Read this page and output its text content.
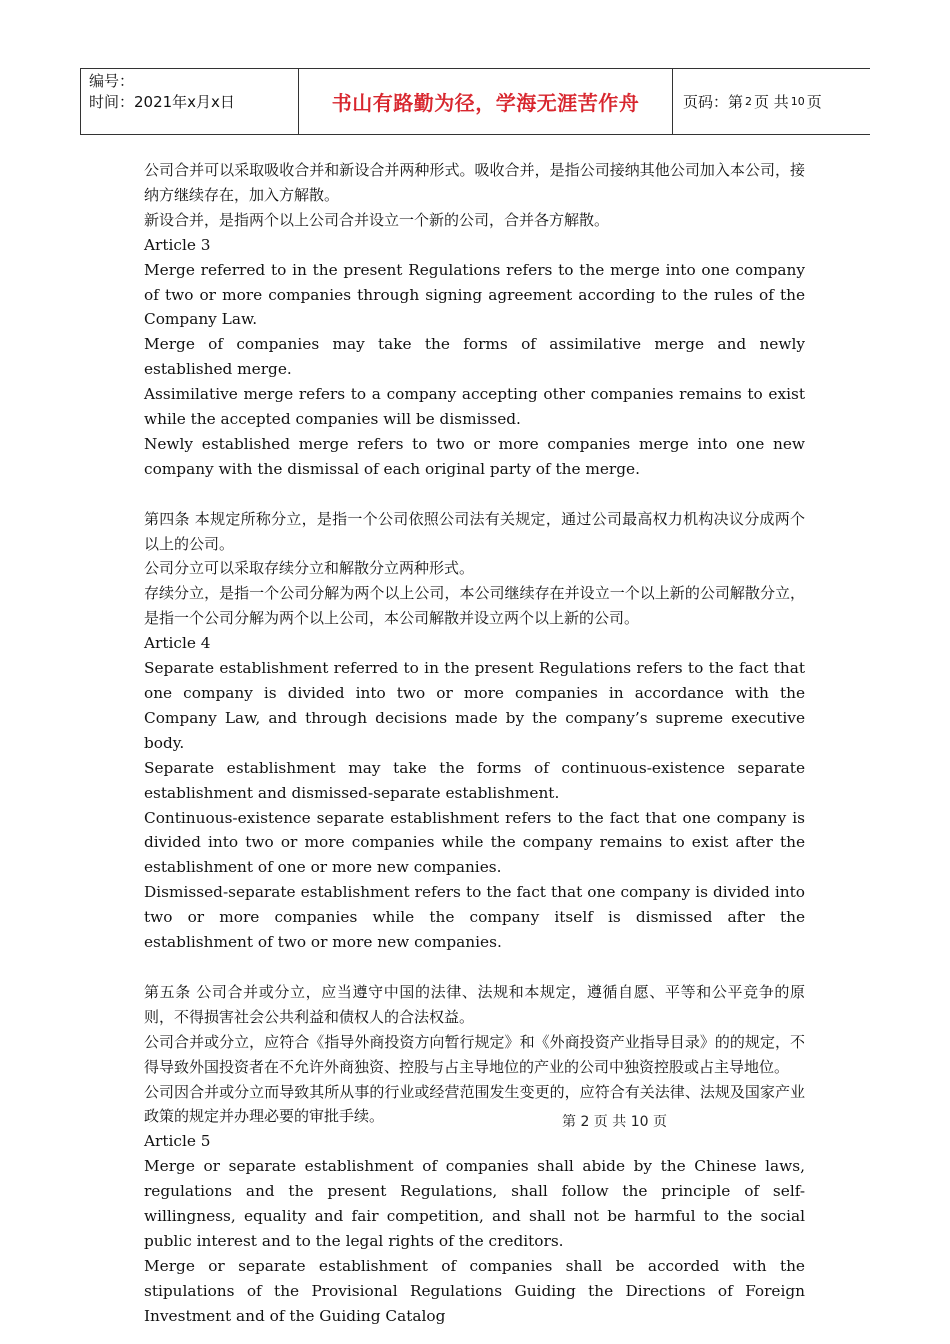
编号：
时间：2021年x月x日	书山有路勤为径，学海无涯苦作舟	页码：第 2 页 共 10 页

公司合并可以采取吸收合并和新设合并两种形式。吸收合并，是指公司接纳其他公司加入本公司，接纳方继续存在，加入方解散。

新设合并，是指两个以上公司合并设立一个新的公司，合并各方解散。

Article 3

Merge referred to in the present Regulations refers to the merge into one company of two or more companies through signing agreement according to the rules of the Company Law.

Merge of companies may take the forms of assimilative merge and newly established merge.

Assimilative merge refers to a company accepting other companies remains to exist while the accepted companies will be dismissed.

Newly established merge refers to two or more companies merge into one new company with the dismissal of each original party of the merge.

第四条 本规定所称分立，是指一个公司依照公司法有关规定，通过公司最高权力机构决议分成两个以上的公司。

公司分立可以采取存续分立和解散分立两种形式。

存续分立，是指一个公司分解为两个以上公司，本公司继续存在并设立一个以上新的公司解散分立，是指一个公司分解为两个以上公司，本公司解散并设立两个以上新的公司。

Article 4

Separate establishment referred to in the present Regulations refers to the fact that one company is divided into two or more companies in accordance with the Company Law, and through decisions made by the company’s supreme executive body.

Separate establishment may take the forms of continuous-existence separate establishment and dismissed-separate establishment.

Continuous-existence separate establishment refers to the fact that one company is divided into two or more companies while the company remains to exist after the establishment of one or more new companies.

Dismissed-separate establishment refers to the fact that one company is divided into two or more companies while the company itself is dismissed after the establishment of two or more new companies.

第五条 公司合并或分立，应当遵守中国的法律、法规和本规定，遵循自愿、平等和公平竞争的原则，不得损害社会公共利益和债权人的合法权益。

公司合并或分立，应符合《指导外商投资方向暂行规定》和《外商投资产业指导目录》的的规定，不得导致外国投资者在不允许外商独资、控股与占主导地位的产业的公司中独资控股或占主导地位。

公司因合并或分立而导致其所从事的行业或经营范围发生变更的，应符合有关法律、法规及国家产业政策的规定并办理必要的审批手续。

Article 5

Merge or separate establishment of companies shall abide by the Chinese laws, regulations and the present Regulations, shall follow the principle of self-willingness, equality and fair competition, and shall not be harmful to the social public interest and to the legal rights of the creditors.

Merge or separate establishment of companies shall be accorded with the stipulations of the Provisional Regulations Guiding the Directions of Foreign Investment and of the Guiding Catalog

第 2 页 共 10 页
